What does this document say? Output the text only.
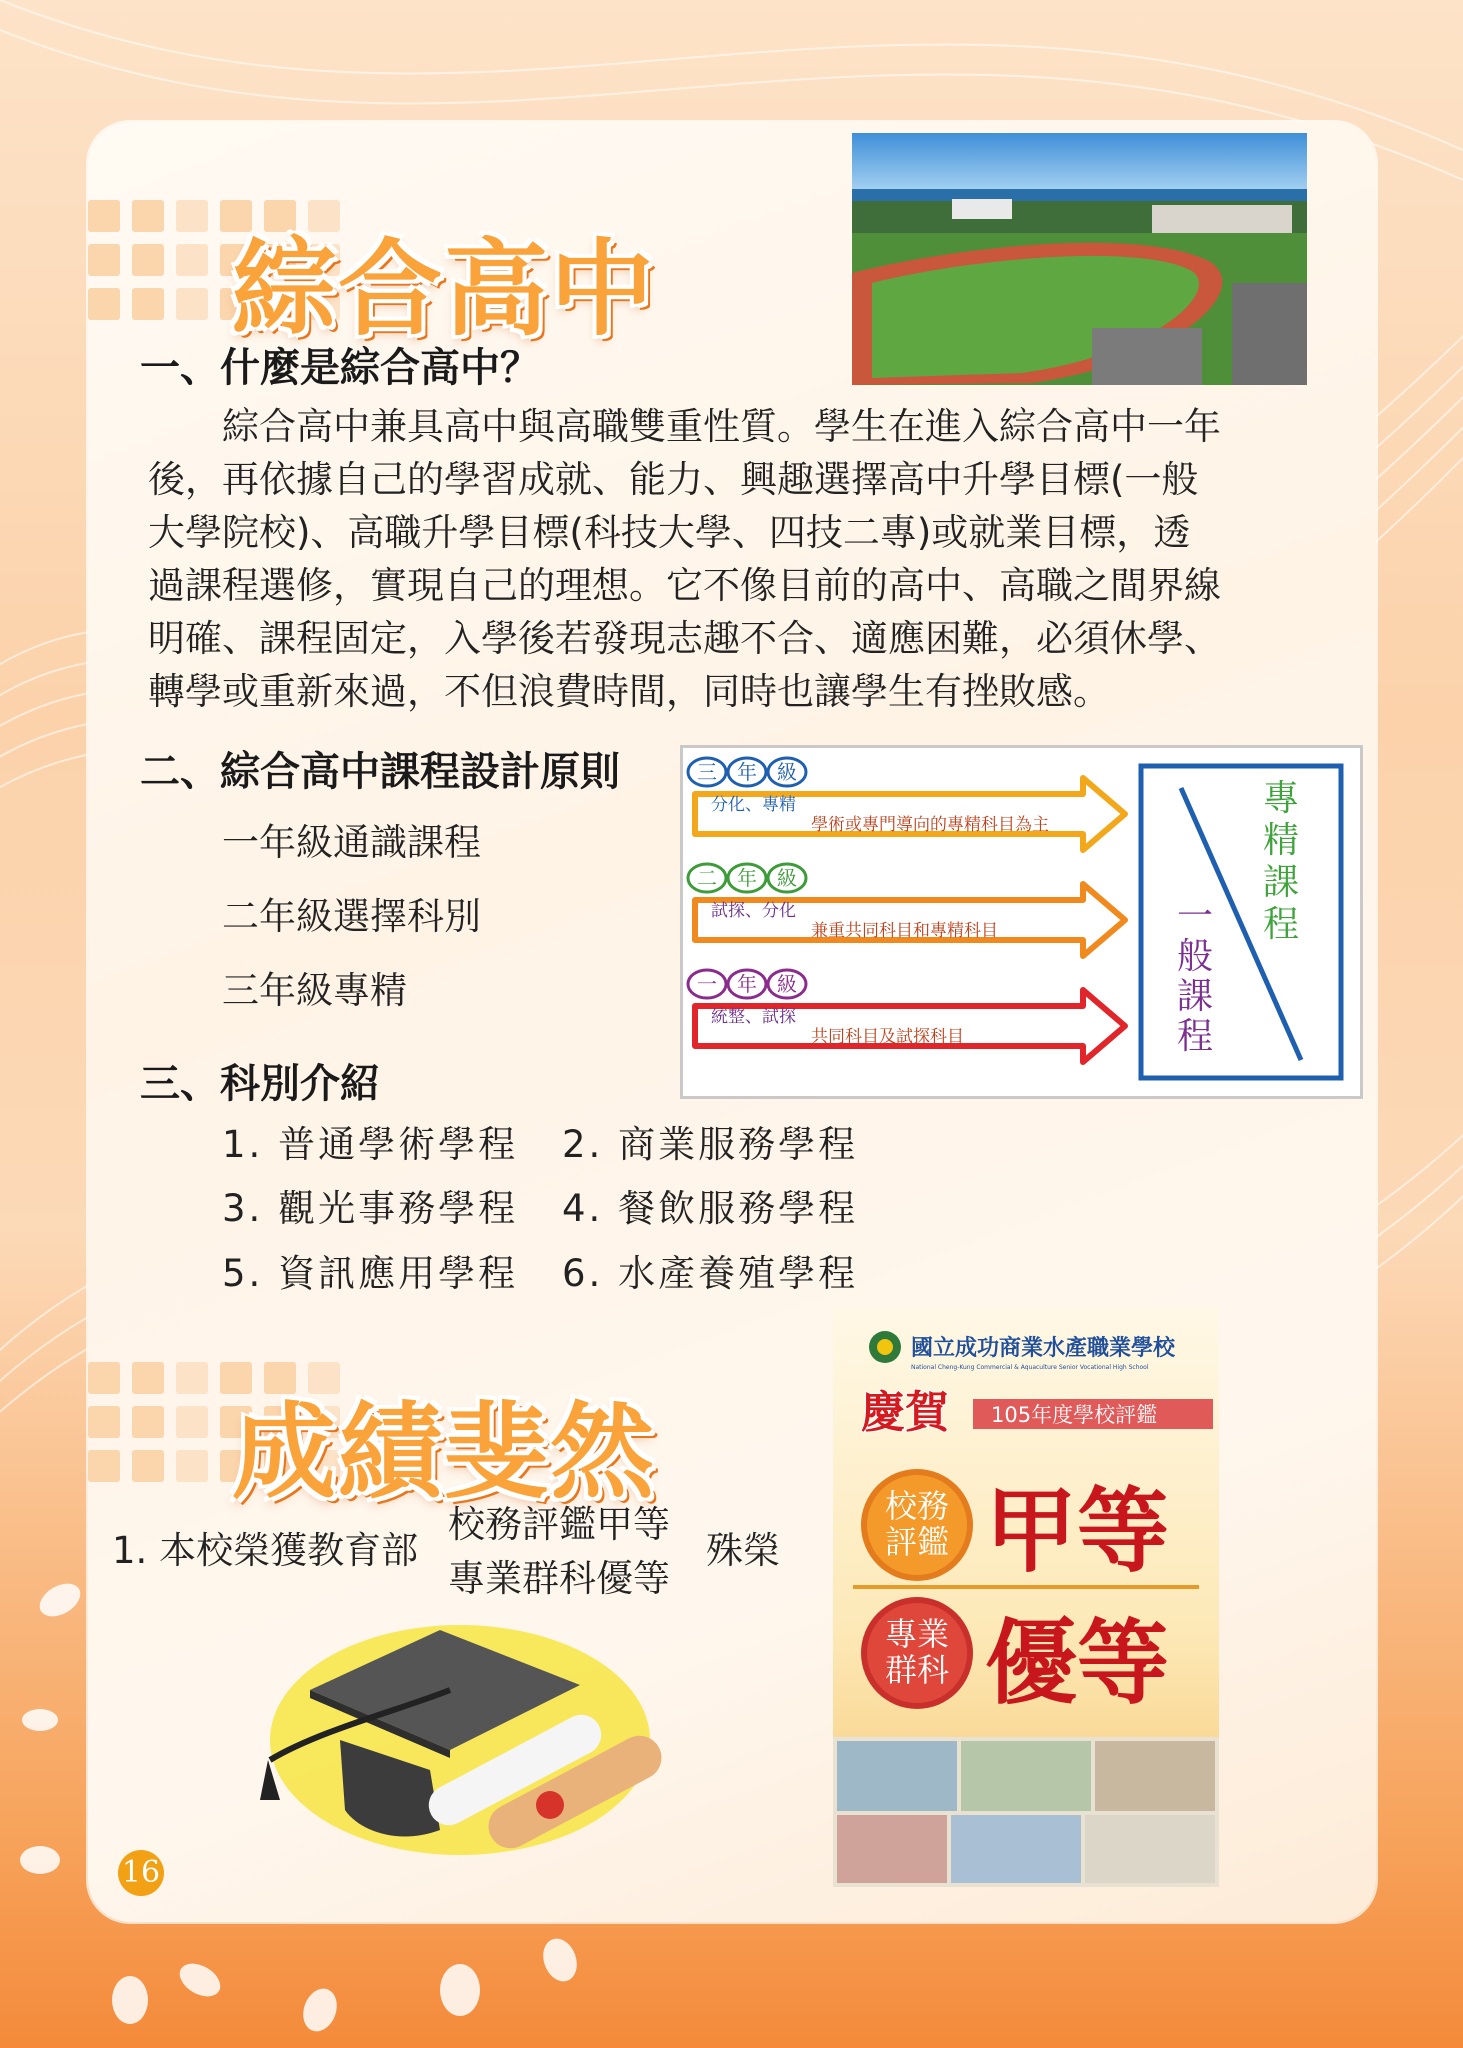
綜合高中
一、什麼是綜合高中？
　　綜合高中兼具高中與高職雙重性質。學生在進入綜合高中一年
後，再依據自己的學習成就、能力、興趣選擇高中升學目標(一般
大學院校)、高職升學目標(科技大學、四技二專)或就業目標，透
過課程選修，實現自己的理想。它不像目前的高中、高職之間界線
明確、課程固定，入學後若發現志趣不合、適應困難，必須休學、
轉學或重新來過，不但浪費時間，同時也讓學生有挫敗感。
二、綜合高中課程設計原則
一年級通識課程
二年級選擇科別
三年級專精
三 年 級
分化、專精
學術或專門導向的專精科目為主
二 年 級
試探、分化
兼重共同科目和專精科目
一 年 級
統整、試探
共同科目及試探科目
專
精
課
程
一
般
課
程
三、科別介紹
1. 普通學術學程 2. 商業服務學程
3. 觀光事務學程 4. 餐飲服務學程
5. 資訊應用學程 6. 水產養殖學程
成績斐然
1. 本校榮獲教育部
校務評鑑甲等
專業群科優等
殊榮
國立成功商業水產職業學校
National Cheng-Kung Commercial & Aquaculture Senior Vocational High School
105年度學校評鑑
慶賀
校務
評鑑 甲等
專業
群科 優等
16
